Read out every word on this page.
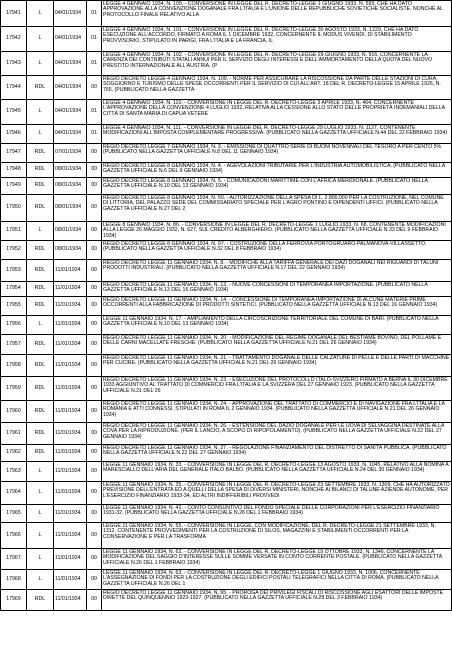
17941	L	04/01/1934 01
LEGGE 4 GENNAIO 1934, N. 100. - CONVERSIONE IN LEGGE DEL R. DECRETO-LEGGE 1 GIUGNO 1933, N. 593, CHE HA DATO APPROVAZIONE ALLA CONVENZIONE DOGANALE FRA L'ITALIA E L'UNIONE DELLE REPUBBLICHE SOVIETICHE SOCIALISTE, NONCHÉ AL PROTOCOLLO FINALE RELATIVO ALLA
17942	L	04/01/1934 01
LEGGE 4 GENNAIO 1934, N. 101. - CONVERSIONE IN LEGGE DEL R. DECRETO-LEGGE 30 AGOSTO 1933, N. 1229, CHE HA DATO ESECUZIONE ALL'ACCORDO, FIRMATO A ROMA IL 1 DICEMBRE 1932, CONCERNENTE IL MODUS VIVENDI, DI STABILIMENTO PROVVISORIO, STIPULATO IN PARIGI, FRA L'ITALIA E LA FRANCIA, IL
17943	L	04/01/1934 01
LEGGE 4 GENNAIO 1934, N. 102. - CONVERSIONE IN LEGGE DEL R. DECRETO-LEGGE 29 GIUGNO 1933, N. 916, CONCERNENTE LA CARENZA DEI CONTRIBUTI STATALI ANNUI PER IL SERVIZIO DEGLI INTERESSI E DELL'AMMORTAMENTO DELLA QUOTA DEL NUOVO PRESTITO INTERNAZIONALE ALL'AUSTRIA. (P
17944	RDL 04/01/1934 00
REGIO DECRETO LEGGE 4 GENNAIO 1934, N. 109. - NORME PER ASSICURARE LA RISCOSSIONE DA PARTE DELLE STAZIONI DI CURA, SOGGIORNO E TURISMO DELLE SPESE OCCORRENTI PER IL SERVIZIO DI CUI ALL'ART. 18 DEL R. DECRETO-LEGGE 15 APRILE 1926, N. 765. (PUBBLICATO NELLA GAZZETTA
17945	L	04/01/1934 01
LEGGE 4 GENNAIO 1934, N. 110. - CONVERSIONE IN LEGGE DEL R. DECRETO-LEGGE 3 APRILE 1933, N. 464, CONCERNENTE L'APPROVAZIONE DELLA CONVENZIONE 4 LUGLIO 1932, RELATIVA ALLA CESSIONE ALLO STATO DELLE PROPRIETÀ INDEMANIALI DELLA CITTÀ DI SANTA MARIA DI CAPUA VETERE
17946	L	04/01/1934 01
LEGGE 4 GENNAIO 1934, N. 111. - CONVERSIONE IN LEGGE DEL R. DECRETO-LEGGE 29 LUGLIO 1933, N. 1127, CONTENENTE MODIFICAZIONI ALL'IMPOSTA COMPLEMENTARE PROGRESSIVA. (PUBBLICATO NELLA GAZZETTA UFFICIALE N.44 DEL 22 FEBBRAIO 1934)
17947	RDL 07/01/1934 00
REGIO DECRETO LEGGE 7 GENNAIO 1934, N. 3. - EMISSIONE DI QUATTRO SERIE DI BUONI NOVENNALI DEL TESORO A PER CENTO 5% (PUBBLICATO NELLA GAZZETTA UFFICIALE N.8 DEL 11 GENNAIO 1934)
17948	RDL 08/01/1934 00
REGIO DECRETO LEGGE 8 GENNAIO 1934, N. 4. - AGEVOLAZIONI TRIBUTARIE PER L'INDUSTRIA AUTOMOBILISTICA. (PUBBLICATO NELLA GAZZETTA UFFICIALE N.6 DEL 9 GENNAIO 1934)
17949	RDL 08/01/1934 00
REGIO DECRETO LEGGE 8 GENNAIO 1934, N. 5. - COMUNICAZIONI MARITTIME CON L'AFRICA MERIDIONALE. (PUBBLICATO NELLA GAZZETTA UFFICIALE N.10 DEL 13 GENNAIO 1934)
17950	RDL 08/01/1934 00
REGIO DECRETO LEGGE 8 GENNAIO 1934, N. 50. - AUTORIZZAZIONE DELLA SPESA DI L. 2.800.000 PER LA COSTRUZIONE, NEL COMUNE DI LITTORIA, DEL PALAZZO SEDE DEL COMMISSARIATO SPECIALE PER L'AGRO PONTINO E DIPENDENTI UFFICI. (PUBBLICATO NELLA GAZZETTA UFFICIALE N.27 DEL 2
17951	L	08/01/1934 00
LEGGE 8 GENNAIO 1934, N. 86. - CONVERSIONE IN LEGGE DEL R. DECRETO-LEGGE 1 LUGLIO 1933, N. 68, CONTENENTE MODIFICAZIONI ALLA LEGGE 26 MAGGIO 1932, N. 627, SUL CREDITO ALBERGHIERO. (PUBBLICATO NELLA GAZZETTA UFFICIALE N.33 DEL 9 FEBBRAIO 1934)
17952	RDL 08/01/1934 00
REGIO DECRETO LEGGE 8 GENNAIO 1934, N. 97. - COSTRUZIONE DELLA FERROVIA PORTOGRUARO-PALMANOVA-VILLASSETTO. (PUBBLICATO NELLA GAZZETTA UFFICIALE N.32 DEL 8 FEBBRAIO 1934)
17953	RDL 11/01/1934 00
REGIO DECRETO LEGGE 11 GENNAIO 1934, N. 8. - MODIFICHE ALLA TARIFFA GENERALE DEI DAZI DOGANALI NEI RIGUARDI DI TALUNI PRODOTTI INDUSTRIALI. (PUBBLICATO NELLA GAZZETTA UFFICIALE N.17 DEL 22 GENNAIO 1934)
17954	RDL 11/01/1934 00
REGIO DECRETO LEGGE 11 GENNAIO 1934, N. 13. - NUOVE CONCESSIONI DI TEMPORANEA IMPORTAZIONE. (PUBBLICATO NELLA GAZZETTA UFFICIALE N.13 DEL 16 GENNAIO 1934)
17955	RDL 11/01/1934 00
REGIO DECRETO LEGGE 11 GENNAIO 1934, N. 14. - CONCESSIONE DI TEMPORANEA IMPORTAZIONE DI ALCUNE MATERIE PRIME OCCORRENTI ALLA FABBRICAZIONE DI PRODOTTI SINTETICI. (PUBBLICATO NELLA GAZZETTA UFFICIALE N.13 DEL 16 GENNAIO 1934)
17956	L	11/01/1934 00
LEGGE 11 GENNAIO 1934, N. 17. - AMPLIAMENTO DELLA CIRCOSCRIZIONE TERRITORIALE DEL COMUNE DI BARI. (PUBBLICATO NELLA GAZZETTA UFFICIALE N.10 DEL 13 GENNAIO 1934)
17957	RDL 11/01/1934 00
REGIO DECRETO LEGGE 11 GENNAIO 1934, N. 20. - MODIFICAZIONE DEL REGIME DOGANALE DEL BESTIAME BOVINO, DEL POLLAME E DELLE CARNI MACELLATE FRESCHE. (PUBBLICATO NELLA GAZZETTA UFFICIALE N.21 DEL 26 GENNAIO 1934)
17958	RDL 11/01/1934 00
REGIO DECRETO LEGGE 11 GENNAIO 1934, N. 21. - TRATTAMENTO DOGANALE DELLE CALZATURE DI PELLE E DELLE PARTI DI MACCHINE PER CUCIRE. (PUBBLICATO NELLA GAZZETTA UFFICIALE N.21 DEL 26 GENNAIO 1934)
17959	RDL 11/01/1934 00
REGIO DECRETO LEGGE 11 GENNAIO 1934, N. 23. - ESECUZIONE DEL PROTOCOLLO ITALO-SVIZZERO FIRMATO A BERNA IL 30 DICEMBRE 1933 AGGIUNTIVO AL TRATTATO DI COMMERCIO FRA L'ITALIA E LA SVIZZERA DEL 27 GENNAIO 1923. (PUBBLICATO NELLA GAZZETTA UFFICIALE N.21 DEL 26
17960	RDL 11/01/1934 00
REGIO DECRETO LEGGE 11 GENNAIO 1934, N. 24. - APPROVAZIONE DEL TRATTATO DI COMMERCIO E DI NAVIGAZIONE FRA L'ITALIA E LA ROMANIA E ATTI CONNESSI, STIPULATI IN ROMA IL 2 GENNAIO 1934. (PUBBLICATO NELLA GAZZETTA UFFICIALE N.21 DEL 26 GENNAIO 1934)
17961	RDL 11/01/1934 00
REGIO DECRETO LEGGE 11 GENNAIO 1934, N. 26. - ESTENSIONE DEL DAZIO DOGANALE PER LE UOVA DI SELVAGGINA DESTINATE ALLA COVA PER LA RIPRODUZIONE. (PER IL LANCIO, A SCOPO DI RIPOPOLAMENTO). (PUBBLICATO NELLA GAZZETTA UFFICIALE N.22 DEL 27 GENNAIO 1934)
17962	RDL 11/01/1934 00
REGIO DECRETO LEGGE 11 GENNAIO 1934, N. 27. - REGOLAZIONE FINANZIAMENTO DEL DISTRETTO DI SANITÀ PUBBLICA. (PUBBLICATO NELLA GAZZETTA UFFICIALE N.22 DEL 27 GENNAIO 1934)
17963	L	11/01/1934 00
LEGGE 11 GENNAIO 1934, N. 33. - CONVERSIONE IN LEGGE DEL R. DECRETO-LEGGE 13 AGOSTO 1933, N. 1045, RELATIVO ALLA NOMINA A MARESCIALLO DELL'ARIA DEL GENERALE ITALO BALBO. (PUBBLICATO NELLA GAZZETTA UFFICIALE N.24 DEL 30 GENNAIO 1934)
17964	L	11/01/1934 00
LEGGE 11 GENNAIO 1934, N. 35. - CONVERSIONE IN LEGGE DEL R. DECRETO-LEGGE 23 SETTEMBRE 1933, N. 1309, CHE HA AUTORIZZATO PREVISIONE DELL'ENTRATA ED A QUELLI DELLA SPESA DI DIVERSI MINISTERI, NONCHÉ AI BILANCI DI TALUNE AZIENDE AUTONOME, PER L'ESERCIZIO FINANZIARIO 1933-34, ED ALTRI INDIFFERIBILI PROVVEDI
17965	L	11/01/1934 00
LEGGE 11 GENNAIO 1934, N. 42. - CONTO CONSUNTIVO DEL FONDO SPECIALE DELLE CORPORAZIONI PER L'ESERCIZIO FINANZIARIO 1931-32. (PUBBLICATO NELLA GAZZETTA UFFICIALE N.26 DEL 1 FEBBRAIO 1934)
17966	L	11/01/1934 00
LEGGE 11 GENNAIO 1934, N. 55. - CONVERSIONE IN LEGGE, CON MODIFICAZIONE, DEL R. DECRETO-LEGGE 21 SETTEMBRE 1933, N. 1312, CONTENENTE PROVVEDIMENTI PER LA COSTRUZIONE DI SILOS, MAGAZZINI E STABILIMENTI OCCORRENTI PER LA CONSERVAZIONE E PER LA TRASFORMA
17967	L	11/01/1934 00
LEGGE 11 GENNAIO 1934, N. 62. - CONVERSIONE IN LEGGE DEL R. DECRETO-LEGGE 19 OTTOBRE 1933, N. 1346, CONCERNENTE LA MODIFICAZIONE DEL SAGGIO D'INTERESSE SULLE SOMME VERSATE IN CONTO CORRENTE POSTALE. (PUBBLICATO NELLA GAZZETTA UFFICIALE N.26 DEL 1 FEBBRAIO 1934)
17968	L	11/01/1934 00
LEGGE 11 GENNAIO 1934, N. 63. - CONVERSIONE IN LEGGE DEL R. DECRETO-LEGGE 1 GIUGNO 1933, N. 1006, CONCERNENTE L'ASSEGNAZIONE DI FONDI PER LA COSTRUZIONE DEGLI EDIFICI POSTALI TELEGRAFICI NELLA CITTÀ DI ROMA. (PUBBLICATO NELLA GAZZETTA UFFICIALE N.26 DEL 1
17969	RDL 11/01/1934 00
REGIO DECRETO LEGGE 11 GENNAIO 1934, N. 65. - PROROGA DEI PRIVILEGI FISCALI DI RISCOSSIONE AGLI ESATTORI DELLE IMPOSTE DIRETTE DEL QUINQUENNIO 1923-1927. (PUBBLICATO NELLA GAZZETTA UFFICIALE N.28 DEL 3 FEBBRAIO 1934)
